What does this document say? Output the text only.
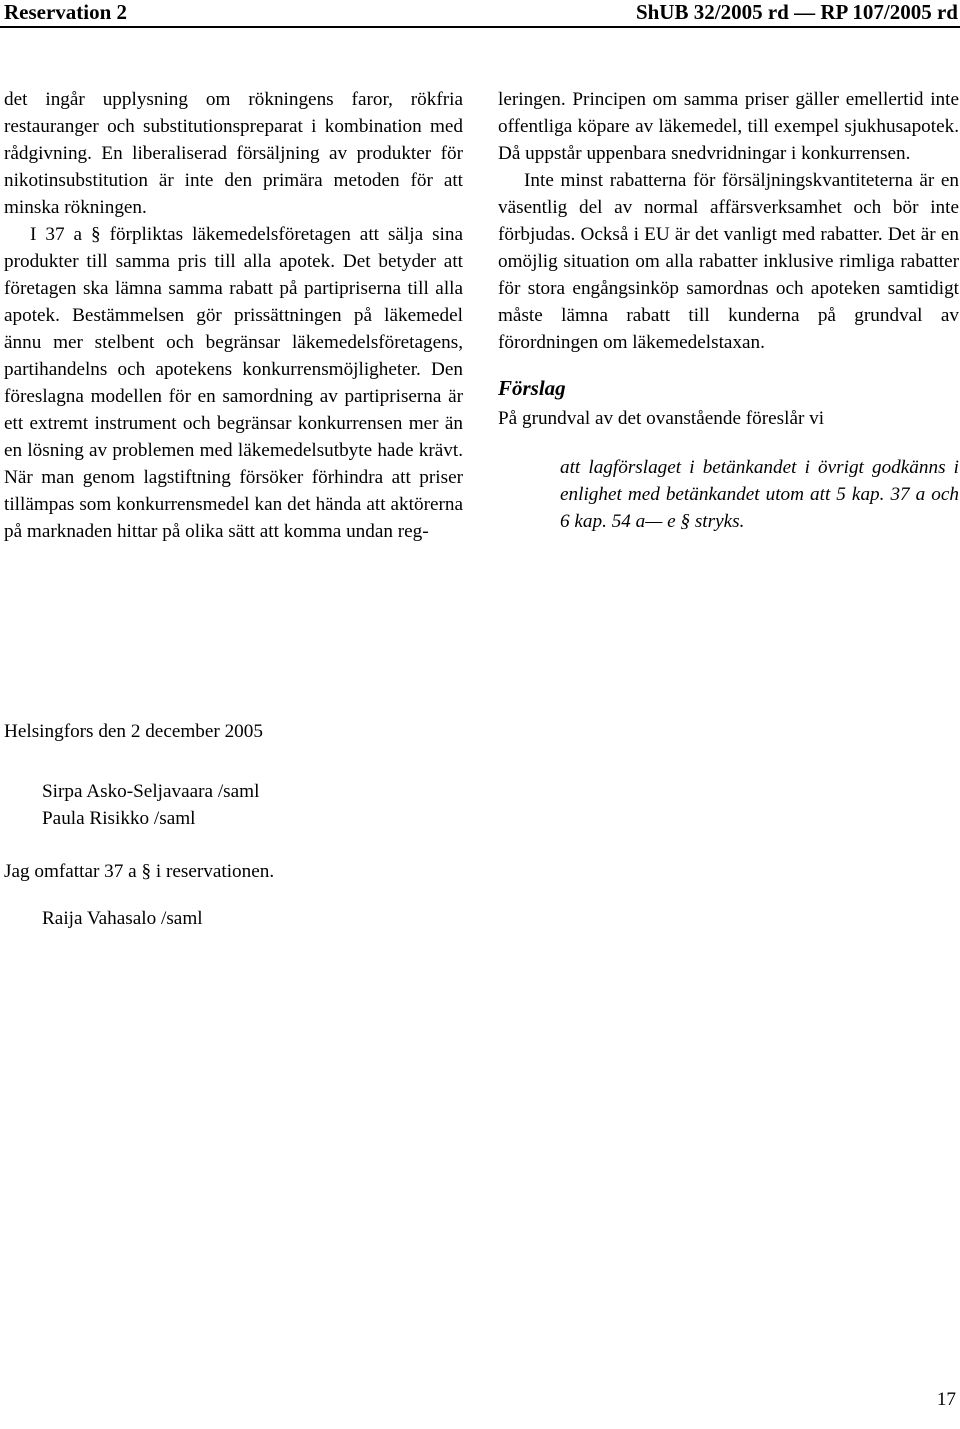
Reservation 2	ShUB 32/2005 rd — RP 107/2005 rd

det ingår upplysning om rökningens faror, rökfria restauranger och substitutionspreparat i kombination med rådgivning. En liberaliserad försäljning av produkter för nikotinsubstitution är inte den primära metoden för att minska rökningen.

I 37 a § förpliktas läkemedelsföretagen att sälja sina produkter till samma pris till alla apotek. Det betyder att företagen ska lämna samma rabatt på partipriserna till alla apotek. Bestämmelsen gör prissättningen på läkemedel ännu mer stelbent och begränsar läkemedelsföretagens, partihandelns och apotekens konkurrensmöjligheter. Den föreslagna modellen för en samordning av partipriserna är ett extremt instrument och begränsar konkurrensen mer än en lösning av problemen med läkemedelsutbyte hade krävt. När man genom lagstiftning försöker förhindra att priser tillämpas som konkurrensmedel kan det hända att aktörerna på marknaden hittar på olika sätt att komma undan reg-

leringen. Principen om samma priser gäller emellertid inte offentliga köpare av läkemedel, till exempel sjukhusapotek. Då uppstår uppenbara snedvridningar i konkurrensen.

Inte minst rabatterna för försäljningskvantiteterna är en väsentlig del av normal affärsverksamhet och bör inte förbjudas. Också i EU är det vanligt med rabatter. Det är en omöjlig situation om alla rabatter inklusive rimliga rabatter för stora engångsinköp samordnas och apoteken samtidigt måste lämna rabatt till kunderna på grundval av förordningen om läkemedelstaxan.

Förslag

På grundval av det ovanstående föreslår vi

att lagförslaget i betänkandet i övrigt godkänns i enlighet med betänkandet utom att 5 kap. 37 a och 6 kap. 54 a— e § stryks.

Helsingfors den 2 december 2005
Sirpa Asko-Seljavaara /saml
Paula Risikko /saml
Jag omfattar 37 a § i reservationen.
Raija Vahasalo /saml
17
